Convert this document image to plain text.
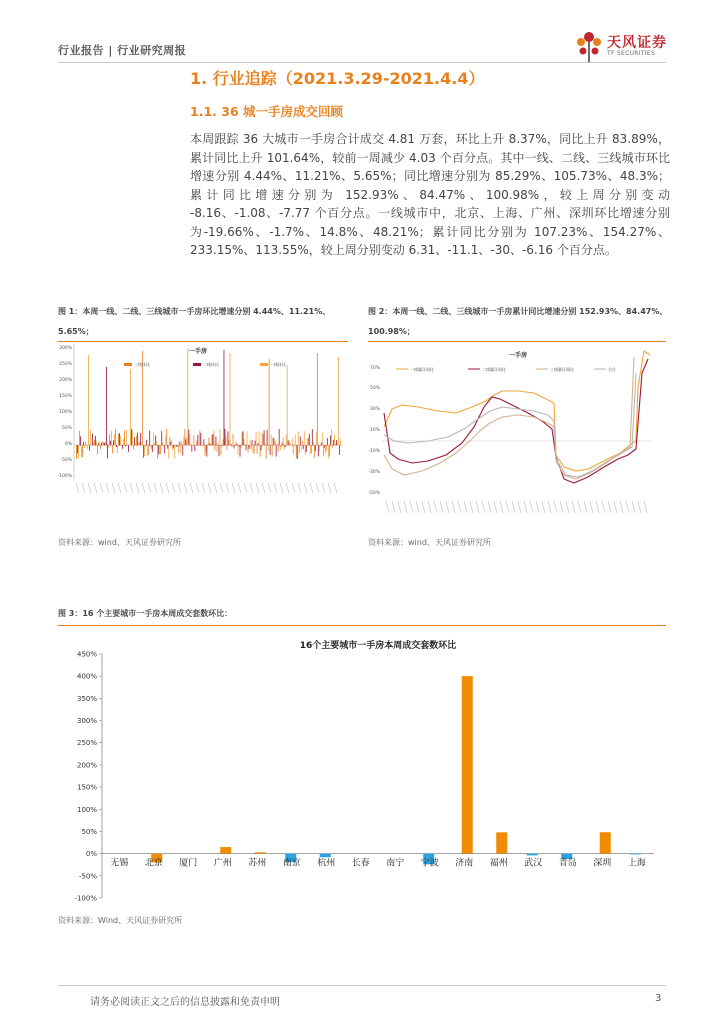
行业报告 | 行业研究周报	天风证券
TF SECURITIES
1. 行业追踪（2021.3.29-2021.4.4）
1.1. 36 城一手房成交回顾
本周跟踪 36 大城市一手房合计成交 4.81 万套，环比上升 8.37%，同比上升 83.89%，累计同比上升 101.64%，较前一周减少 4.03 个百分点。其中一线、二线、三线城市环比增速分别 4.44%、11.21%、5.65%；同比增速分别为 85.29%、105.73%、48.3%；累计同比增速分别为 152.93%、84.47%、100.98%，较上周分别变动 -8.16、-1.08、-7.77 个百分点。一线城市中，北京、上海、广州、深圳环比增速分别为-19.66%、-1.7%、14.8%、48.21%；累计同比分别为 107.23%、154.27%、233.15%、113.55%，较上周分别变动 6.31、-11.1、-30、-6.16 个百分点。
图 1：本周一线、二线、三线城市一手房环比增速分别 4.44%、11.21%、5.65%；
一手房
300%
250%
200%
150%
100%
50%
0%
-50%
-100%
三线环比	二线环比	一线环比
资料来源：wind、天风证券研究所
图 2：本周一线、二线、三线城市一手房累计同比增速分别 152.93%、84.47%、100.98%；
一手房
一线累计同比	二线累计同比	三线累计同比	合计
70%
50%
30%
10%
-10%
-30%
-50%
资料来源：wind、天风证券研究所
图 3：16 个主要城市一手房本周成交套数环比：
16个主要城市一手房本周成交套数环比
450%
400%
350%
300%
250%
200%
150%
100%
50%
0%
-50%
-100%
无锡 北京 厦门 广州 苏州 南京 杭州 长春 南宁 宁波 济南 福州 武汉 青岛 深圳 上海
资料来源：Wind、天风证券研究所
请务必阅读正文之后的信息披露和免责申明	3
